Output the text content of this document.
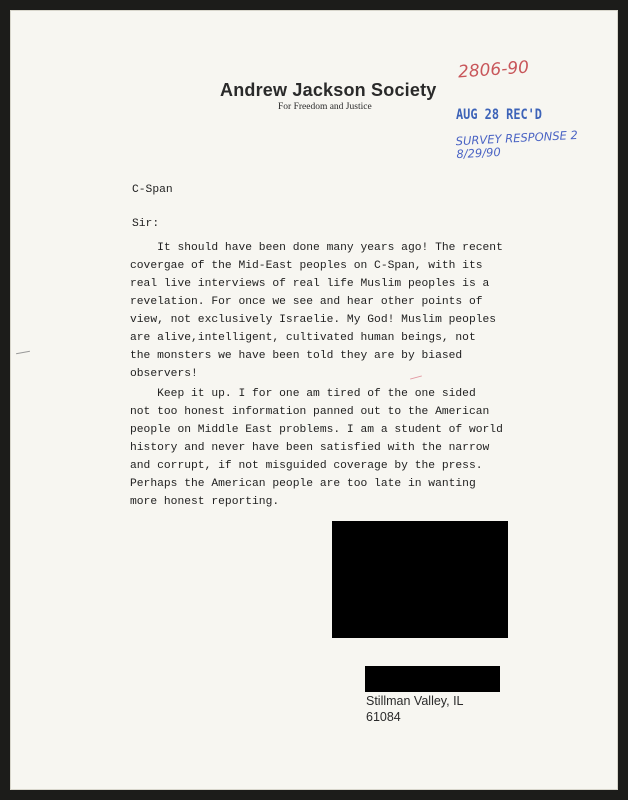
Andrew Jackson Society
For Freedom and Justice
2806-90
AUG 28 REC'D
SURVEY RESPONSE 2
8/29/90
C-Span
Sir:
It should have been done many years ago! The recent
covergae of the Mid-East peoples on C-Span, with its
real live interviews of real life Muslim peoples is a
revelation. For once we see and hear other points of
view, not exclusively Israelie. My God! Muslim peoples
are alive,intelligent, cultivated human beings, not
the monsters we have been told they are by biased
observers!
Keep it up. I for one am tired of the one sided
not too honest information panned out to the American
people on Middle East problems. I am a student of world
history and never have been satisfied with the narrow
and corrupt, if not misguided coverage by the press.
Perhaps the American people are too late in wanting
more honest reporting.
Stillman Valley, IL
61084
